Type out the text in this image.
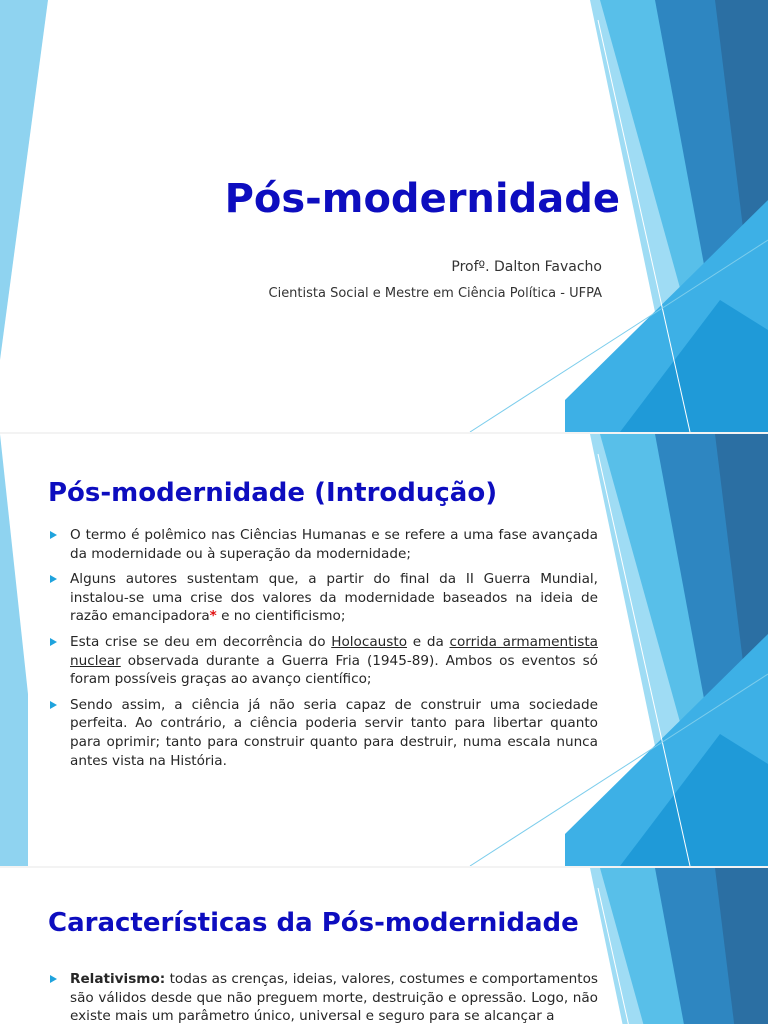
Pós-modernidade

Profº. Dalton Favacho

Cientista Social e Mestre em Ciência Política - UFPA

Pós-modernidade (Introdução)
O termo é polêmico nas Ciências Humanas e se refere a uma fase avançada da modernidade ou à superação da modernidade;
Alguns autores sustentam que, a partir do final da II Guerra Mundial, instalou-se uma crise dos valores da modernidade baseados na ideia de razão emancipadora* e no cientificismo;
Esta crise se deu em decorrência do Holocausto e da corrida armamentista nuclear observada durante a Guerra Fria (1945-89). Ambos os eventos só foram possíveis graças ao avanço científico;
Sendo assim, a ciência já não seria capaz de construir uma sociedade perfeita. Ao contrário, a ciência poderia servir tanto para libertar quanto para oprimir; tanto para construir quanto para destruir, numa escala nunca antes vista na História.
Características da Pós-modernidade
Relativismo: todas as crenças, ideias, valores, costumes e comportamentos são válidos desde que não preguem morte, destruição e opressão. Logo, não existe mais um parâmetro único, universal e seguro para se alcançar a
